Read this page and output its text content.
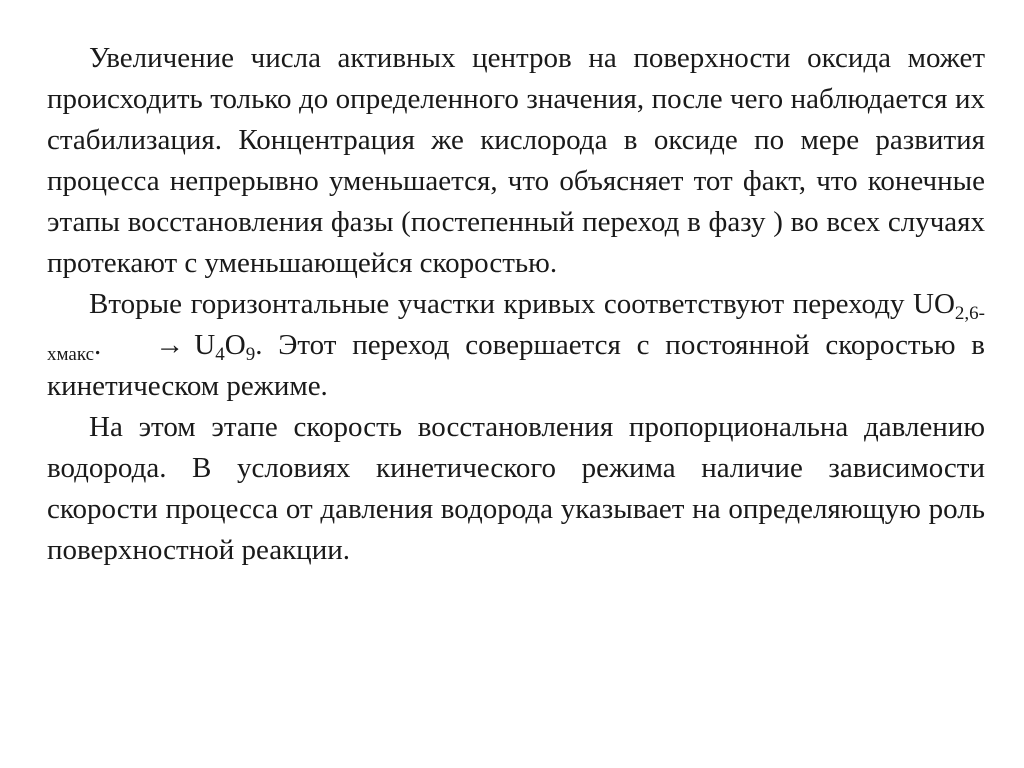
Увеличение числа активных центров на поверхности оксида может происходить только до определенного значения, после чего наблюдается их стабилизация. Концентрация же кислорода в оксиде по мере развития процесса непрерывно уменьшается, что объясняет тот факт, что конечные этапы восстановления фазы (постепенный переход в фазу ) во всех случаях протекают с уменьшающейся скоростью.

Вторые горизонтальные участки кривых соответствуют переходу $UO_{2,6-хмакс}$. → $U_4O_9$. Этот переход совершается с постоянной скоростью в кинетическом режиме.

На этом этапе скорость восстановления пропорциональна давлению водорода. В условиях кинетического режима наличие зависимости скорости процесса от давления водорода указывает на определяющую роль поверхностной реакции.
